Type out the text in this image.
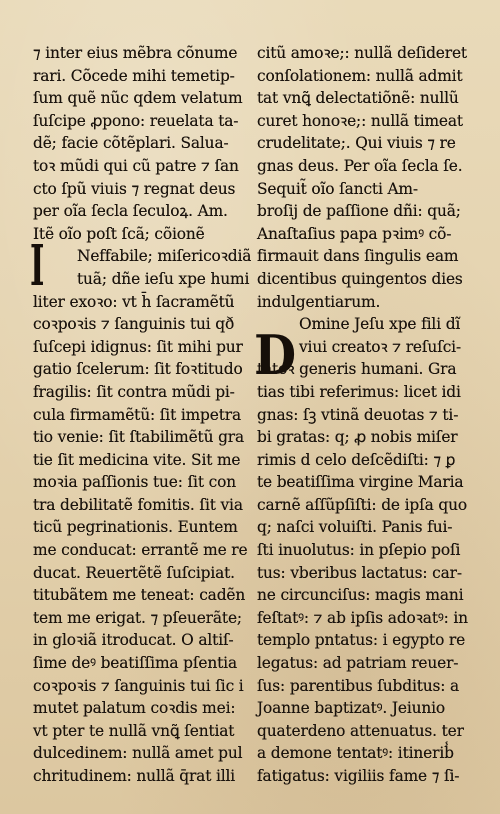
⁊ inter eius mẽbra cõnume
rari. Cõcede mihi temetip-
ſum quẽ nũc qdem velatum
ſuſcipe ꝓpono: reuelata ta-
dẽ; facie cõtẽplari. Salua-
toꝛ mũdi qui cũ patre ⁊ ſan
cto ſpũ viuis ⁊ regnat deus
per oĩa ſecla ſeculoꝝ. Am.
Itẽ oĩo poſt ſcã; cõionẽ
I	Neffabile; miſericoꝛdiã
tuã; dñe ieſu xpe humi
liter exoꝛo: vt h̄ ſacramẽtũ
coꝛpoꝛis ⁊ ſanguinis tui qð
ſuſcepi idignus: ſit mihi pur
gatio ſcelerum: ſit foꝛtitudo
fragilis: ſit contra mũdi pi-
cula firmamẽtũ: ſit impetra
tio venie: ſit ſtabilimẽtũ gra
tie ſit medicina vite. Sit me
moꝛia paſſionis tue: ſit con
tra debilitatẽ fomitis. ſit via
ticũ pegrinationis. Euntem
me conducat: errantẽ me re
ducat. Reuertẽtẽ ſuſcipiat.
titubãtem me teneat: cadẽn
tem me erigat. ⁊ pſeuerãte;
in gloꝛiã itroducat. O altiſ-
ſime deꝰ beatiſſima pſentia
coꝛpoꝛis ⁊ ſanguinis tui ſic i
mutet palatum coꝛdis mei:
vt pter te nullã vnꝗ̃ ſentiat
dulcedinem: nullã amet pul
chritudinem: nullã q̄rat illi
citũ amoꝛe;: nullã deſideret
conſolationem: nullã admit
tat vnꝗ̃ delectatiõnẽ: nullũ
curet honoꝛe;: nullã timeat
crudelitate;. Qui viuis ⁊ re
gnas deus. Per oĩa ſecla ſe.
Sequit̃ oĩo ſancti Am-
broſij de paſſione dñi: quã;
Anaſtaſius papa pꝛimꝰ cõ-
firmauit dans ſingulis eam
dicentibus quingentos dies
indulgentiarum.
D Omine Jeſu xpe fili dĩ
viui creatoꝛ ⁊ reſuſci-
tatoꝛ generis humani. Gra
tias tibi referimus: licet idi
gnas: ſꝫ vtinã deuotas ⁊ ti-
bi gratas: q; ꝓ nobis miſer
rimis d celo deſcẽdiſti: ⁊ ꝑ
te beatiſſima virgine Maria
carnẽ aſſũpſiſti: de ipſa quo
q; naſci voluiſti. Panis fui-
ſti inuolutus: in pſepio poſi
tus: vberibus lactatus: car-
ne circunciſus: magis mani
feſtatꝰ: ⁊ ab ipſis adoꝛatꝰ: in
templo pntatus: i egypto re
legatus: ad patriam reuer-
ſus: parentibus ſubditus: a
Joanne baptizatꝰ. Jeiunio
quaterdeno attenuatus. ter
a demone tentatꝰ: itinerib̾
fatigatus: vigiliis fame ⁊ ſi-
